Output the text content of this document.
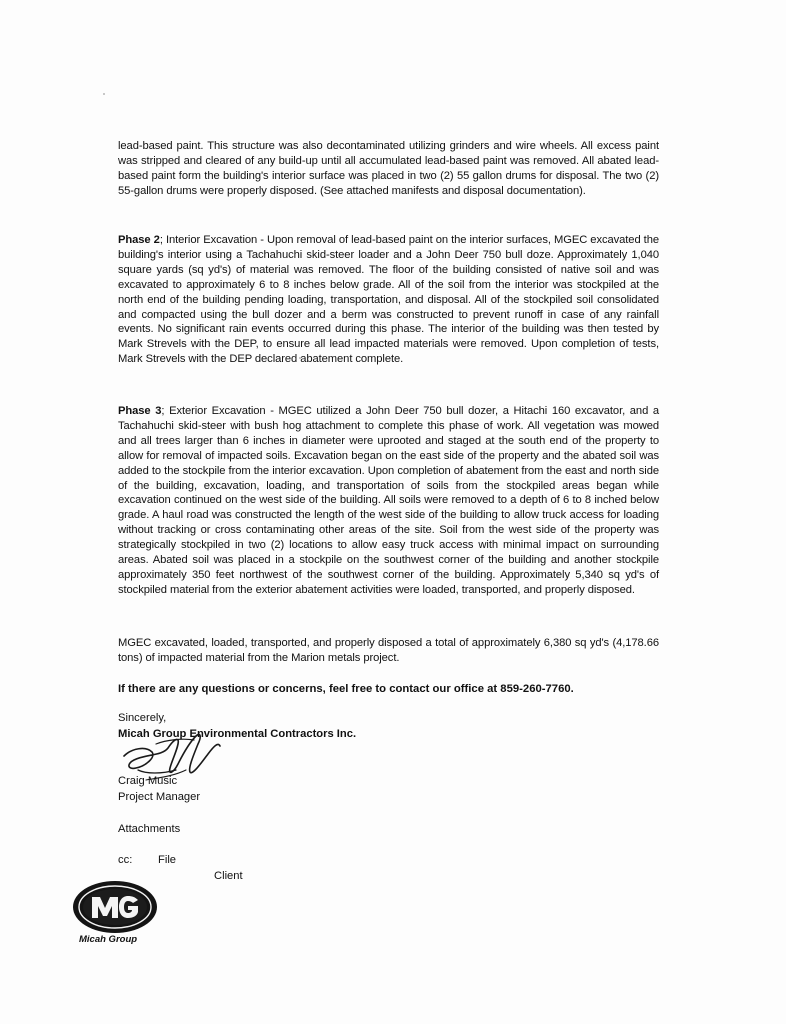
lead-based paint. This structure was also decontaminated utilizing grinders and wire wheels. All excess paint was stripped and cleared of any build-up until all accumulated lead-based paint was removed. All abated lead-based paint form the building's interior surface was placed in two (2) 55 gallon drums for disposal. The two (2) 55-gallon drums were properly disposed. (See attached manifests and disposal documentation).

Phase 2; Interior Excavation - Upon removal of lead-based paint on the interior surfaces, MGEC excavated the building's interior using a Tachahuchi skid-steer loader and a John Deer 750 bull doze. Approximately 1,040 square yards (sq yd's) of material was removed. The floor of the building consisted of native soil and was excavated to approximately 6 to 8 inches below grade. All of the soil from the interior was stockpiled at the north end of the building pending loading, transportation, and disposal. All of the stockpiled soil consolidated and compacted using the bull dozer and a berm was constructed to prevent runoff in case of any rainfall events. No significant rain events occurred during this phase. The interior of the building was then tested by Mark Strevels with the DEP, to ensure all lead impacted materials were removed. Upon completion of tests, Mark Strevels with the DEP declared abatement complete.

Phase 3; Exterior Excavation - MGEC utilized a John Deer 750 bull dozer, a Hitachi 160 excavator, and a Tachahuchi skid-steer with bush hog attachment to complete this phase of work. All vegetation was mowed and all trees larger than 6 inches in diameter were uprooted and staged at the south end of the property to allow for removal of impacted soils. Excavation began on the east side of the property and the abated soil was added to the stockpile from the interior excavation. Upon completion of abatement from the east and north side of the building, excavation, loading, and transportation of soils from the stockpiled areas began while excavation continued on the west side of the building. All soils were removed to a depth of 6 to 8 inched below grade. A haul road was constructed the length of the west side of the building to allow truck access for loading without tracking or cross contaminating other areas of the site. Soil from the west side of the property was strategically stockpiled in two (2) locations to allow easy truck access with minimal impact on surrounding areas. Abated soil was placed in a stockpile on the southwest corner of the building and another stockpile approximately 350 feet northwest of the southwest corner of the building. Approximately 5,340 sq yd's of stockpiled material from the exterior abatement activities were loaded, transported, and properly disposed.

MGEC excavated, loaded, transported, and properly disposed a total of approximately 6,380 sq yd's (4,178.66 tons) of impacted material from the Marion metals project.

If there are any questions or concerns, feel free to contact our office at 859-260-7760.

Sincerely,

Micah Group Environmental Contractors Inc.

Craig Music

Project Manager

Attachments

cc: File

Client

Micah Group
